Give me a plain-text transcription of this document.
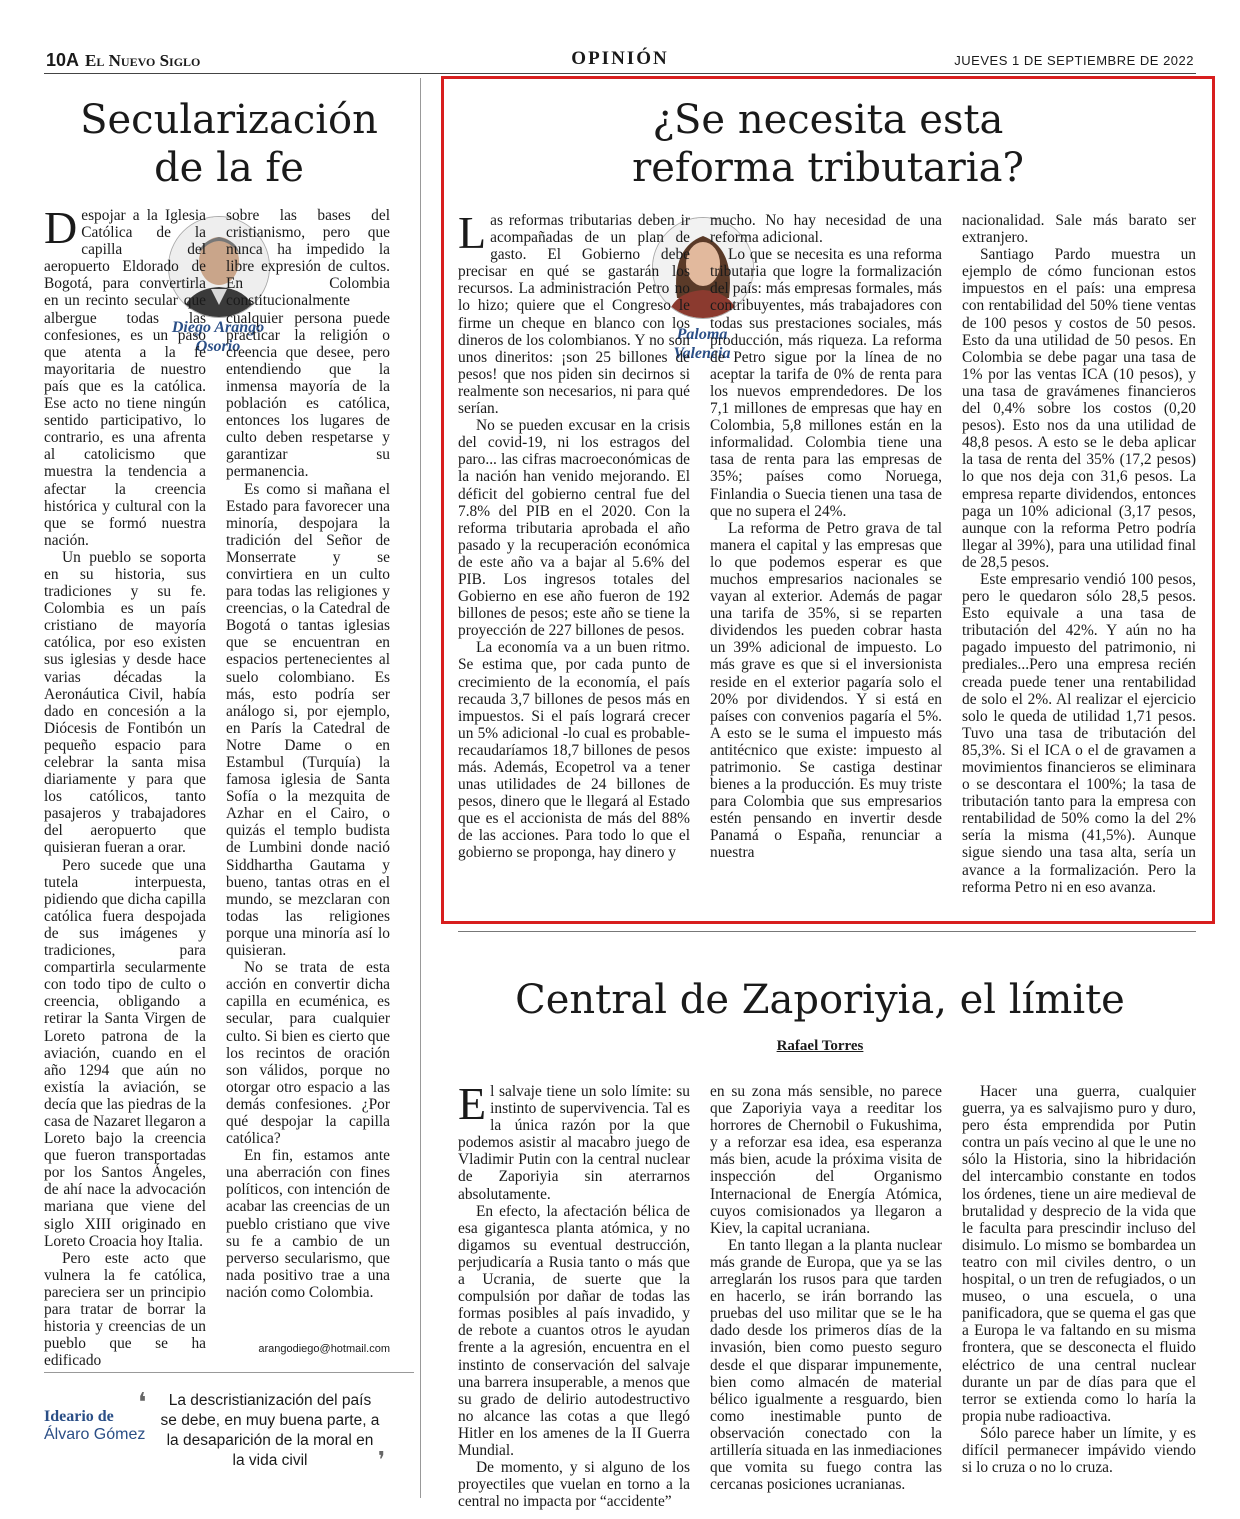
10A El Nuevo Siglo	OPINIÓN	JUEVES 1 DE SEPTIEMBRE DE 2022
Secularización
de la fe
Diego Arango
Osorio

Despojar a la Iglesia Católica de la capilla del aeropuerto Eldorado de Bogotá, para convertirla en un recinto secular que albergue todas las confesiones, es un paso que atenta a la fe mayoritaria de nuestro país que es la católica. Ese acto no tiene ningún sentido participativo, lo contrario, es una afrenta al catolicismo que muestra la tendencia a afectar la creencia histórica y cultural con la que se formó nuestra nación.

Un pueblo se soporta en su historia, sus tradiciones y su fe. Colombia es un país cristiano de mayoría católica, por eso existen sus iglesias y desde hace varias décadas la Aeronáutica Civil, había dado en concesión a la Diócesis de Fontibón un pequeño espacio para celebrar la santa misa diariamente y para que los católicos, tanto pasajeros y trabajadores del aeropuerto que quisieran fueran a orar.

Pero sucede que una tutela interpuesta, pidiendo que dicha capilla católica fuera despojada de sus imágenes y tradiciones, para compartirla secularmente con todo tipo de culto o creencia, obligando a retirar la Santa Virgen de Loreto patrona de la aviación, cuando en el año 1294 que aún no existía la aviación, se decía que las piedras de la casa de Nazaret llegaron a Loreto bajo la creencia que fueron transportadas por los Santos Ángeles, de ahí nace la advocación mariana que viene del siglo XIII originado en Loreto Croacia hoy Italia.

Pero este acto que vulnera la fe católica, pareciera ser un principio para tratar de borrar la historia y creencias de un pueblo que se ha edificado

sobre las bases del cristianismo, pero que nunca ha impedido la libre expresión de cultos. En Colombia constitucionalmente cualquier persona puede practicar la religión o creencia que desee, pero entendiendo que la inmensa mayoría de la población es católica, entonces los lugares de culto deben respetarse y garantizar su permanencia.

Es como si mañana el Estado para favorecer una minoría, despojara la tradición del Señor de Monserrate y se convirtiera en un culto para todas las religiones y creencias, o la Catedral de Bogotá o tantas iglesias que se encuentran en espacios pertenecientes al suelo colombiano. Es más, esto podría ser análogo si, por ejemplo, en París la Catedral de Notre Dame o en Estambul (Turquía) la famosa iglesia de Santa Sofía o la mezquita de Azhar en el Cairo, o quizás el templo budista de Lumbini donde nació Siddhartha Gautama y bueno, tantas otras en el mundo, se mezclaran con todas las religiones porque una minoría así lo quisieran.

No se trata de esta acción en convertir dicha capilla en ecuménica, es secular, para cualquier culto. Si bien es cierto que los recintos de oración son válidos, porque no otorgar otro espacio a las demás confesiones. ¿Por qué despojar la capilla católica?

En fin, estamos ante una aberración con fines políticos, con intención de acabar las creencias de un pueblo cristiano que vive su fe a cambio de un perverso secularismo, que nada positivo trae a una nación como Colombia.

arangodiego@hotmail.com
Ideario de
Álvaro Gómez
❛
❜
La descristianización del país se debe, en muy buena parte, a la desaparición de la moral en la vida civil
¿Se necesita esta
reforma tributaria?
Paloma
Valencia

Las reformas tributarias deben ir acompañadas de un plan de gasto. El Gobierno debe precisar en qué se gastarán los recursos. La administración Petro no lo hizo; quiere que el Congreso le firme un cheque en blanco con los dineros de los colombianos. Y no son unos dineritos: ¡son 25 billones de pesos! que nos piden sin decirnos si realmente son necesarios, ni para qué serían.

No se pueden excusar en la crisis del covid-19, ni los estragos del paro... las cifras macroeconómicas de la nación han venido mejorando. El déficit del gobierno central fue del 7.8% del PIB en el 2020. Con la reforma tributaria aprobada el año pasado y la recuperación económica de este año va a bajar al 5.6% del PIB. Los ingresos totales del Gobierno en ese año fueron de 192 billones de pesos; este año se tiene la proyección de 227 billones de pesos.

La economía va a un buen ritmo. Se estima que, por cada punto de crecimiento de la economía, el país recauda 3,7 billones de pesos más en impuestos. Si el país logrará crecer un 5% adicional -lo cual es probable- recaudaríamos 18,7 billones de pesos más. Además, Ecopetrol va a tener unas utilidades de 24 billones de pesos, dinero que le llegará al Estado que es el accionista de más del 88% de las acciones. Para todo lo que el gobierno se proponga, hay dinero y

mucho. No hay necesidad de una reforma adicional.

Lo que se necesita es una reforma tributaria que logre la formalización del país: más empresas formales, más contribuyentes, más trabajadores con todas sus prestaciones sociales, más producción, más riqueza. La reforma de Petro sigue por la línea de no aceptar la tarifa de 0% de renta para los nuevos emprendedores. De los 7,1 millones de empresas que hay en Colombia, 5,8 millones están en la informalidad. Colombia tiene una tasa de renta para las empresas de 35%; países como Noruega, Finlandia o Suecia tienen una tasa de que no supera el 24%.

La reforma de Petro grava de tal manera el capital y las empresas que lo que podemos esperar es que muchos empresarios nacionales se vayan al exterior. Además de pagar una tarifa de 35%, si se reparten dividendos les pueden cobrar hasta un 39% adicional de impuesto. Lo más grave es que si el inversionista reside en el exterior pagaría solo el 20% por dividendos. Y si está en países con convenios pagaría el 5%. A esto se le suma el impuesto más antitécnico que existe: impuesto al patrimonio. Se castiga destinar bienes a la producción. Es muy triste para Colombia que sus empresarios estén pensando en invertir desde Panamá o España, renunciar a nuestra

nacionalidad. Sale más barato ser extranjero.

Santiago Pardo muestra un ejemplo de cómo funcionan estos impuestos en el país: una empresa con rentabilidad del 50% tiene ventas de 100 pesos y costos de 50 pesos. Esto da una utilidad de 50 pesos. En Colombia se debe pagar una tasa de 1% por las ventas ICA (10 pesos), y una tasa de gravámenes financieros del 0,4% sobre los costos (0,20 pesos). Esto nos da una utilidad de 48,8 pesos. A esto se le deba aplicar la tasa de renta del 35% (17,2 pesos) lo que nos deja con 31,6 pesos. La empresa reparte dividendos, entonces paga un 10% adicional (3,17 pesos, aunque con la reforma Petro podría llegar al 39%), para una utilidad final de 28,5 pesos.

Este empresario vendió 100 pesos, pero le quedaron sólo 28,5 pesos. Esto equivale a una tasa de tributación del 42%. Y aún no ha pagado impuesto del patrimonio, ni prediales...Pero una empresa recién creada puede tener una rentabilidad de solo el 2%. Al realizar el ejercicio solo le queda de utilidad 1,71 pesos. Tuvo una tasa de tributación del 85,3%. Si el ICA o el de gravamen a movimientos financieros se eliminara o se descontara el 100%; la tasa de tributación tanto para la empresa con rentabilidad de 50% como la del 2% sería la misma (41,5%). Aunque sigue siendo una tasa alta, sería un avance a la formalización. Pero la reforma Petro ni en eso avanza.

Central de Zaporiyia, el límite
Rafael Torres

El salvaje tiene un solo límite: su instinto de supervivencia. Tal es la única razón por la que podemos asistir al macabro juego de Vladimir Putin con la central nuclear de Zaporiyia sin aterrarnos absolutamente.

En efecto, la afectación bélica de esa gigantesca planta atómica, y no digamos su eventual destrucción, perjudicaría a Rusia tanto o más que a Ucrania, de suerte que la compulsión por dañar de todas las formas posibles al país invadido, y de rebote a cuantos otros le ayudan frente a la agresión, encuentra en el instinto de conservación del salvaje una barrera insuperable, a menos que su grado de delirio autodestructivo no alcance las cotas a que llegó Hitler en los amenes de la II Guerra Mundial.

De momento, y si alguno de los proyectiles que vuelan en torno a la central no impacta por “accidente”

en su zona más sensible, no parece que Zaporiyia vaya a reeditar los horrores de Chernobil o Fukushima, y a reforzar esa idea, esa esperanza más bien, acude la próxima visita de inspección del Organismo Internacional de Energía Atómica, cuyos comisionados ya llegaron a Kiev, la capital ucraniana.

En tanto llegan a la planta nuclear más grande de Europa, que ya se las arreglarán los rusos para que tarden en hacerlo, se irán borrando las pruebas del uso militar que se le ha dado desde los primeros días de la invasión, bien como puesto seguro desde el que disparar impunemente, bien como almacén de material bélico igualmente a resguardo, bien como inestimable punto de observación conectado con la artillería situada en las inmediaciones que vomita su fuego contra las cercanas posiciones ucranianas.

Hacer una guerra, cualquier guerra, ya es salvajismo puro y duro, pero ésta emprendida por Putin contra un país vecino al que le une no sólo la Historia, sino la hibridación del intercambio constante en todos los órdenes, tiene un aire medieval de brutalidad y desprecio de la vida que le faculta para prescindir incluso del disimulo. Lo mismo se bombardea un teatro con mil civiles dentro, o un hospital, o un tren de refugiados, o un museo, o una escuela, o una panificadora, que se quema el gas que a Europa le va faltando en su misma frontera, que se desconecta el fluido eléctrico de una central nuclear durante un par de días para que el terror se extienda como lo haría la propia nube radioactiva.

Sólo parece haber un límite, y es difícil permanecer impávido viendo si lo cruza o no lo cruza.
